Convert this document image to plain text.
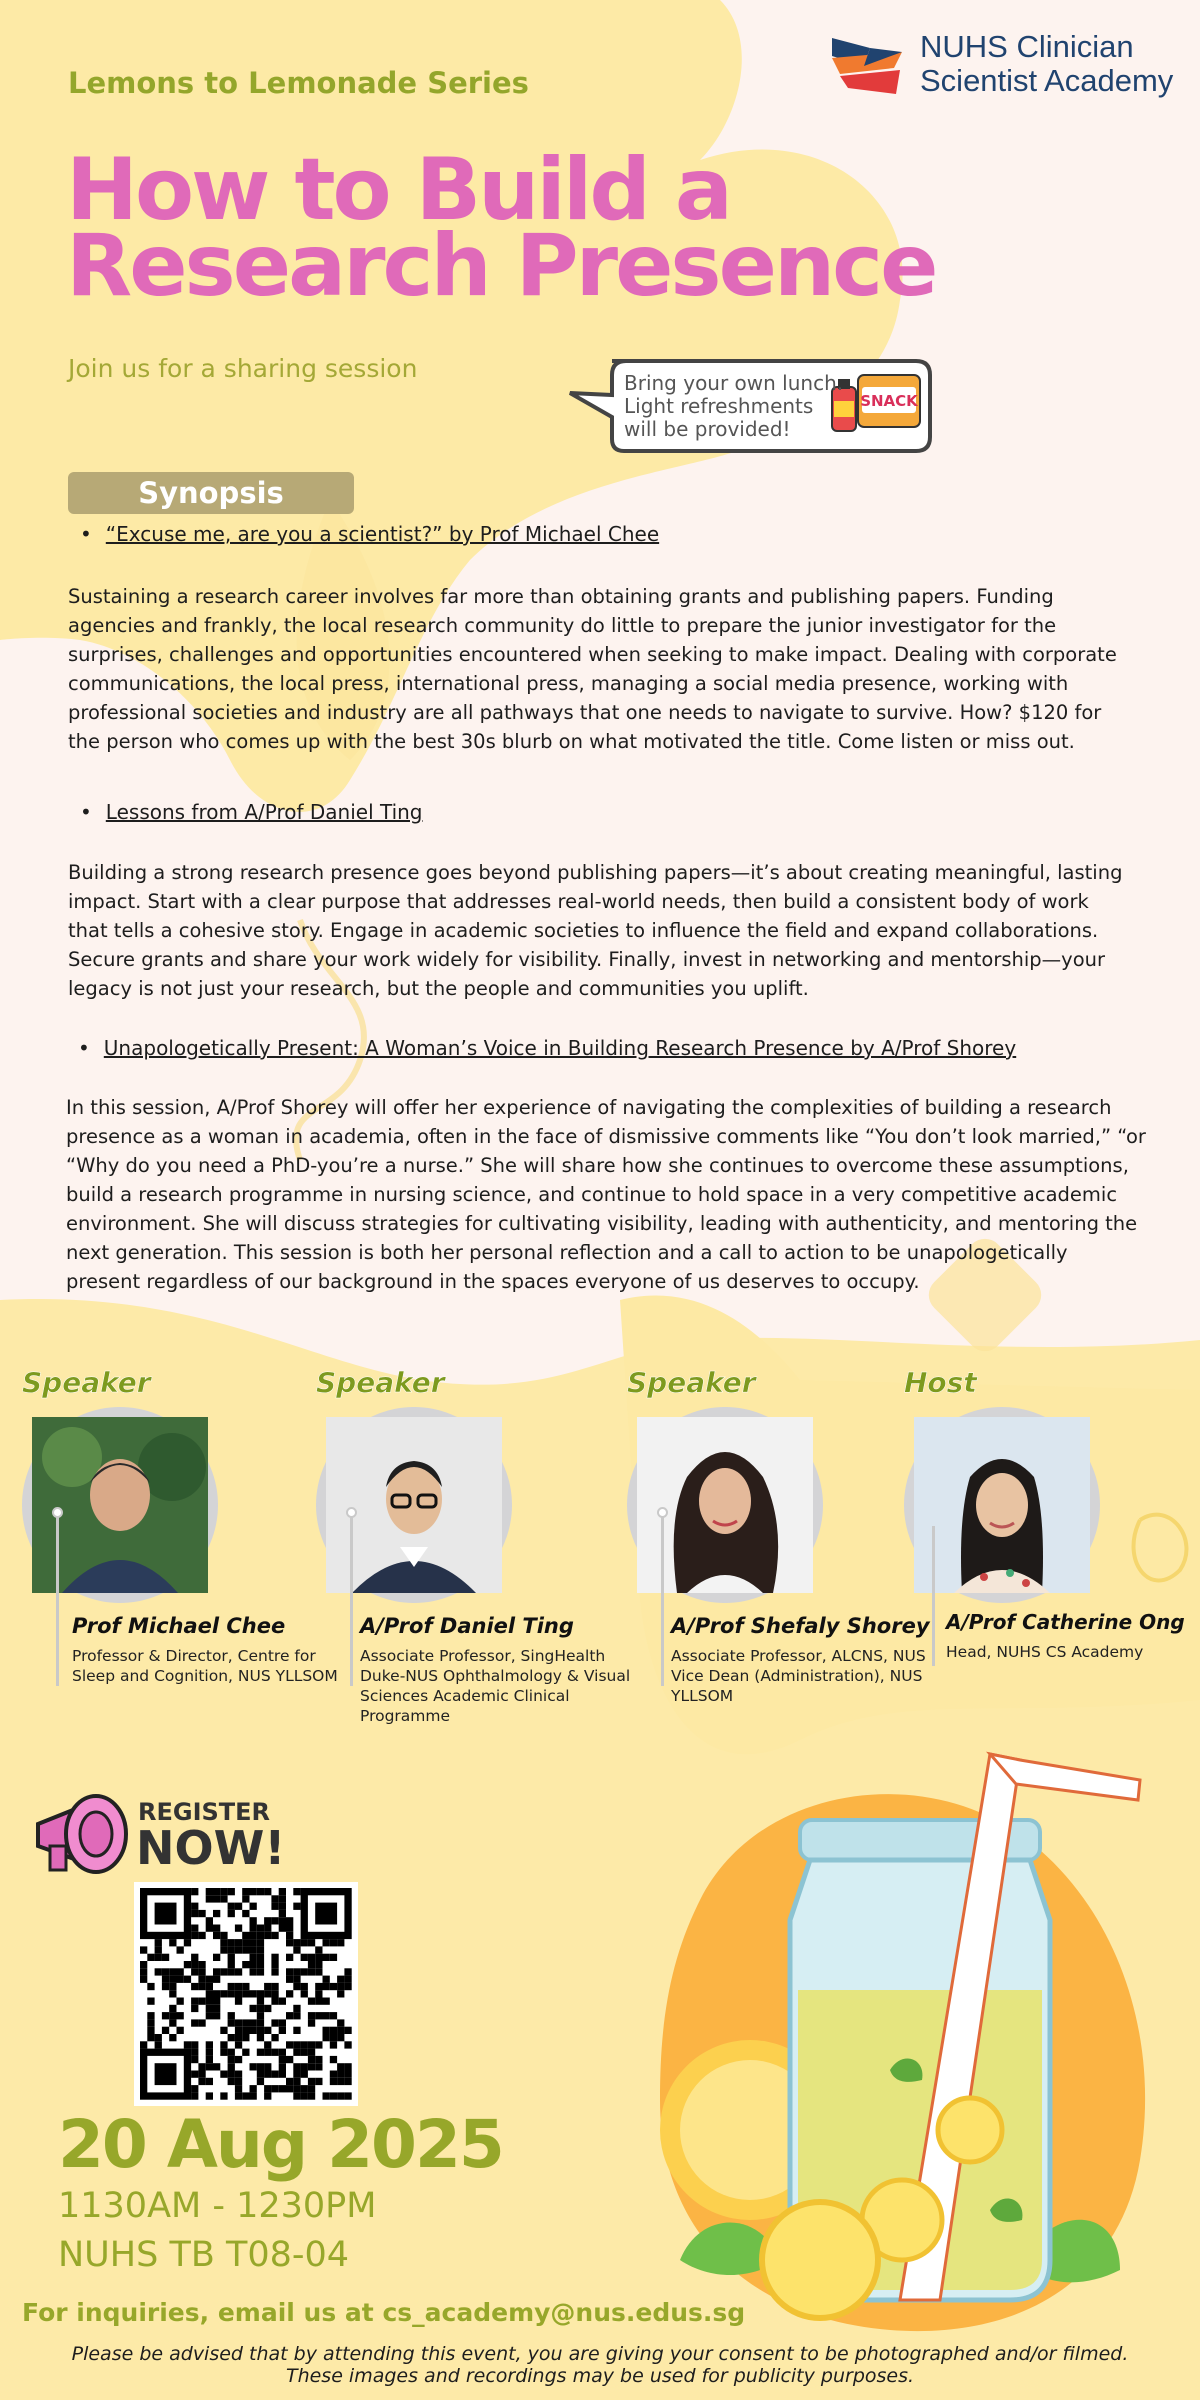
Lemons to Lemonade Series
NUHS Clinician
Scientist Academy
How to Build a
Research Presence
Join us for a sharing session
SNACK
Bring your own lunch.
Light refreshments
will be provided!
Synopsis
• “Excuse me, are you a scientist?” by Prof Michael Chee
Sustaining a research career involves far more than obtaining grants and publishing papers. Funding agencies and frankly, the local research community do little to prepare the junior investigator for the surprises, challenges and opportunities encountered when seeking to make impact. Dealing with corporate communications, the local press, international press, managing a social media presence, working with professional societies and industry are all pathways that one needs to navigate to survive. How? $120 for the person who comes up with the best 30s blurb on what motivated the title. Come listen or miss out.
• Lessons from A/Prof Daniel Ting
Building a strong research presence goes beyond publishing papers—it’s about creating meaningful, lasting impact. Start with a clear purpose that addresses real-world needs, then build a consistent body of work that tells a cohesive story. Engage in academic societies to influence the field and expand collaborations. Secure grants and share your work widely for visibility. Finally, invest in networking and mentorship—your legacy is not just your research, but the people and communities you uplift.
• Unapologetically Present: A Woman’s Voice in Building Research Presence by A/Prof Shorey
In this session, A/Prof Shorey will offer her experience of navigating the complexities of building a research presence as a woman in academia, often in the face of dismissive comments like “You don’t look married,” “or “Why do you need a PhD-you’re a nurse.” She will share how she continues to overcome these assumptions, build a research programme in nursing science, and continue to hold space in a very competitive academic environment. She will discuss strategies for cultivating visibility, leading with authenticity, and mentoring the next generation. This session is both her personal reflection and a call to action to be unapologetically present regardless of our background in the spaces everyone of us deserves to occupy.
Speaker
Prof Michael Chee
Professor & Director, Centre for Sleep and Cognition, NUS YLLSOM
Speaker
A/Prof Daniel Ting
Associate Professor, SingHealth Duke-NUS Ophthalmology & Visual Sciences Academic Clinical Programme
Speaker
A/Prof Shefaly Shorey
Associate Professor, ALCNS, NUS Vice Dean (Administration), NUS YLLSOM
Host
A/Prof Catherine Ong
Head, NUHS CS Academy
REGISTER
NOW!
20 Aug 2025
1130AM - 1230PM
NUHS TB T08-04
For inquiries, email us at cs_academy@nus.edus.sg
Please be advised that by attending this event, you are giving your consent to be photographed and/or filmed.
These images and recordings may be used for publicity purposes.
